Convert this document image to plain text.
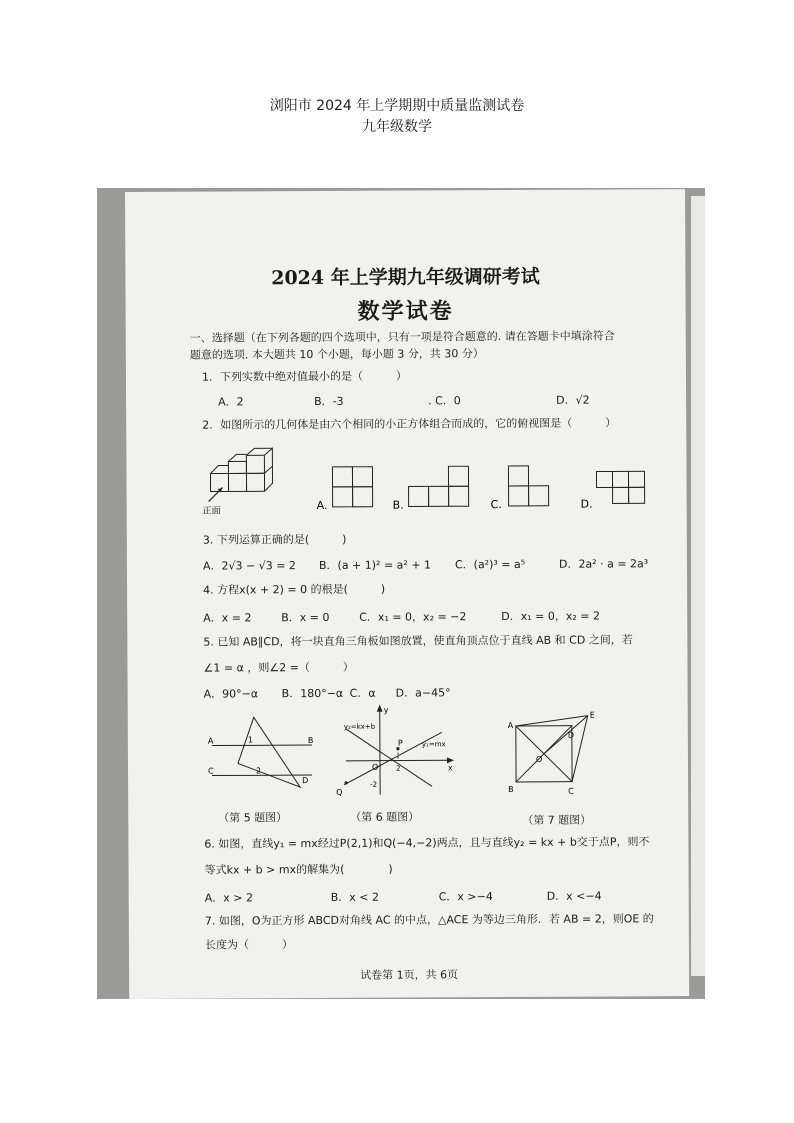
浏阳市 2024 年上学期期中质量监测试卷
九年级数学
2024 年上学期九年级调研考试
数学试卷
一、选择题（在下列各题的四个选项中，只有一项是符合题意的. 请在答题卡中填涂符合
题意的选项. 本大题共 10 个小题，每小题 3 分，共 30 分）
1．下列实数中绝对值最小的是（　　　）
A．2	B．-3	. C．0	D．√2
2．如图所示的几何体是由六个相同的小正方体组合而成的，它的俯视图是（　　　）
正面	A.	B.	C.	D.
3. 下列运算正确的是(　　　)
A．2√3 − √3 = 2 B．(a + 1)² = a² + 1 C．(a²)³ = a⁵	D．2a² · a = 2a³
4. 方程x(x + 2) = 0 的根是(　　　)
A．x = 2	B．x = 0	C．x₁ = 0，x₂ = −2	D．x₁ = 0，x₂ = 2
5. 已知 AB∥CD，将一块直角三角板如图放置，使直角顶点位于直线 AB 和 CD 之间，若
∠1 = α ，则∠2 =（　　　）
A．90°−α B．180°−α C．α D．a−45°
A	B
C
D
1
2
（第 5 题图）
y
x
y₂=kx+b
y₁=mx
P
O
Q
2
-2
（第 6 题图）
A
B	C
D
E
O
（第 7 题图）
6. 如图，直线y₁ = mx经过P(2,1)和Q(−4,−2)两点，且与直线y₂ = kx + b交于点P，则不
等式kx + b > mx的解集为(　　　　)
A．x > 2	B．x < 2	C．x >−4	D．x <−4
7. 如图，O为正方形 ABCD对角线 AC 的中点，△ACE 为等边三角形．若 AB = 2，则OE 的
长度为（　　　）
试卷第 1页，共 6页
